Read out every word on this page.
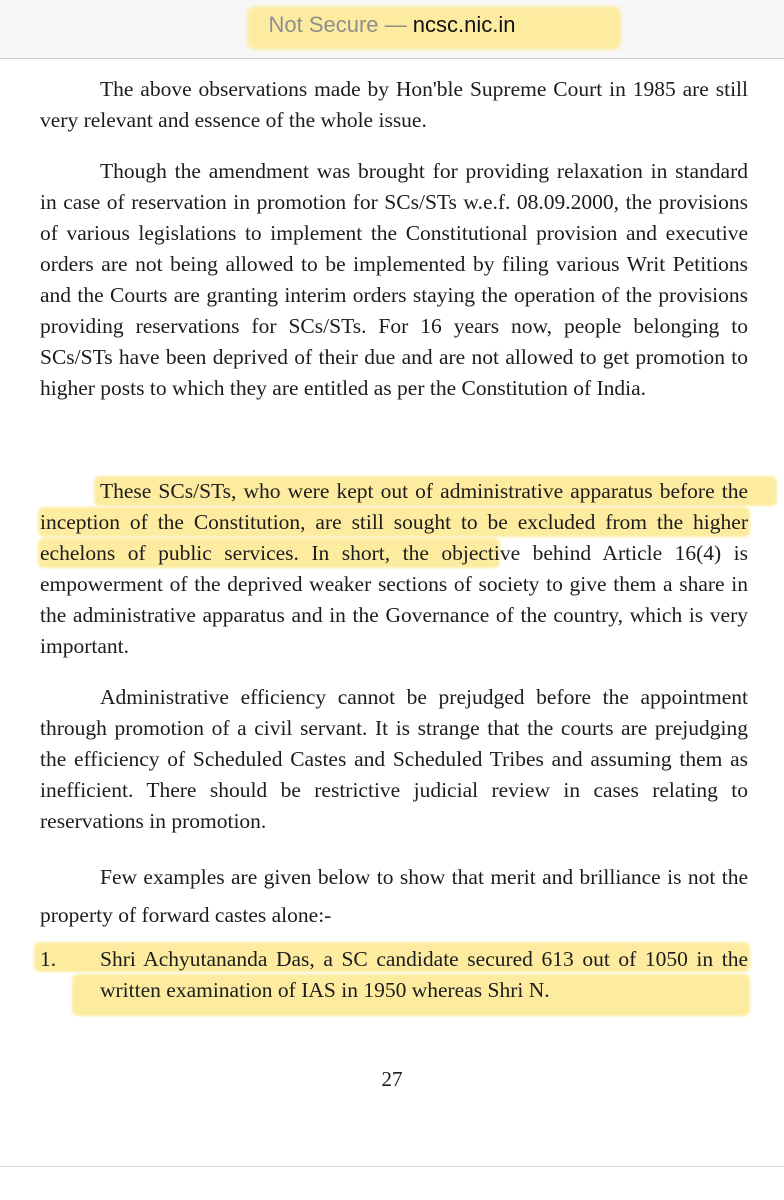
Not Secure — ncsc.nic.in

The above observations made by Hon'ble Supreme Court in 1985 are still very relevant and essence of the whole issue.

Though the amendment was brought for providing relaxation in standard in case of reservation in promotion for SCs/STs w.e.f. 08.09.2000, the provisions of various legislations to implement the Constitutional provision and executive orders are not being allowed to be implemented by filing various Writ Petitions and the Courts are granting interim orders staying the operation of the provisions providing reservations for SCs/STs. For 16 years now, people belonging to SCs/STs have been deprived of their due and are not allowed to get promotion to higher posts to which they are entitled as per the Constitution of India.

These SCs/STs, who were kept out of administrative apparatus before the inception of the Constitution, are still sought to be excluded from the higher echelons of public services. In short, the objective behind Article 16(4) is empowerment of the deprived weaker sections of society to give them a share in the administrative apparatus and in the Governance of the country, which is very important.

Administrative efficiency cannot be prejudged before the appointment through promotion of a civil servant. It is strange that the courts are prejudging the efficiency of Scheduled Castes and Scheduled Tribes and assuming them as inefficient. There should be restrictive judicial review in cases relating to reservations in promotion.

Few examples are given below to show that merit and brilliance is not the property of forward castes alone:-

1. Shri Achyutananda Das, a SC candidate secured 613 out of 1050 in the written examination of IAS in 1950 whereas Shri N.

27
